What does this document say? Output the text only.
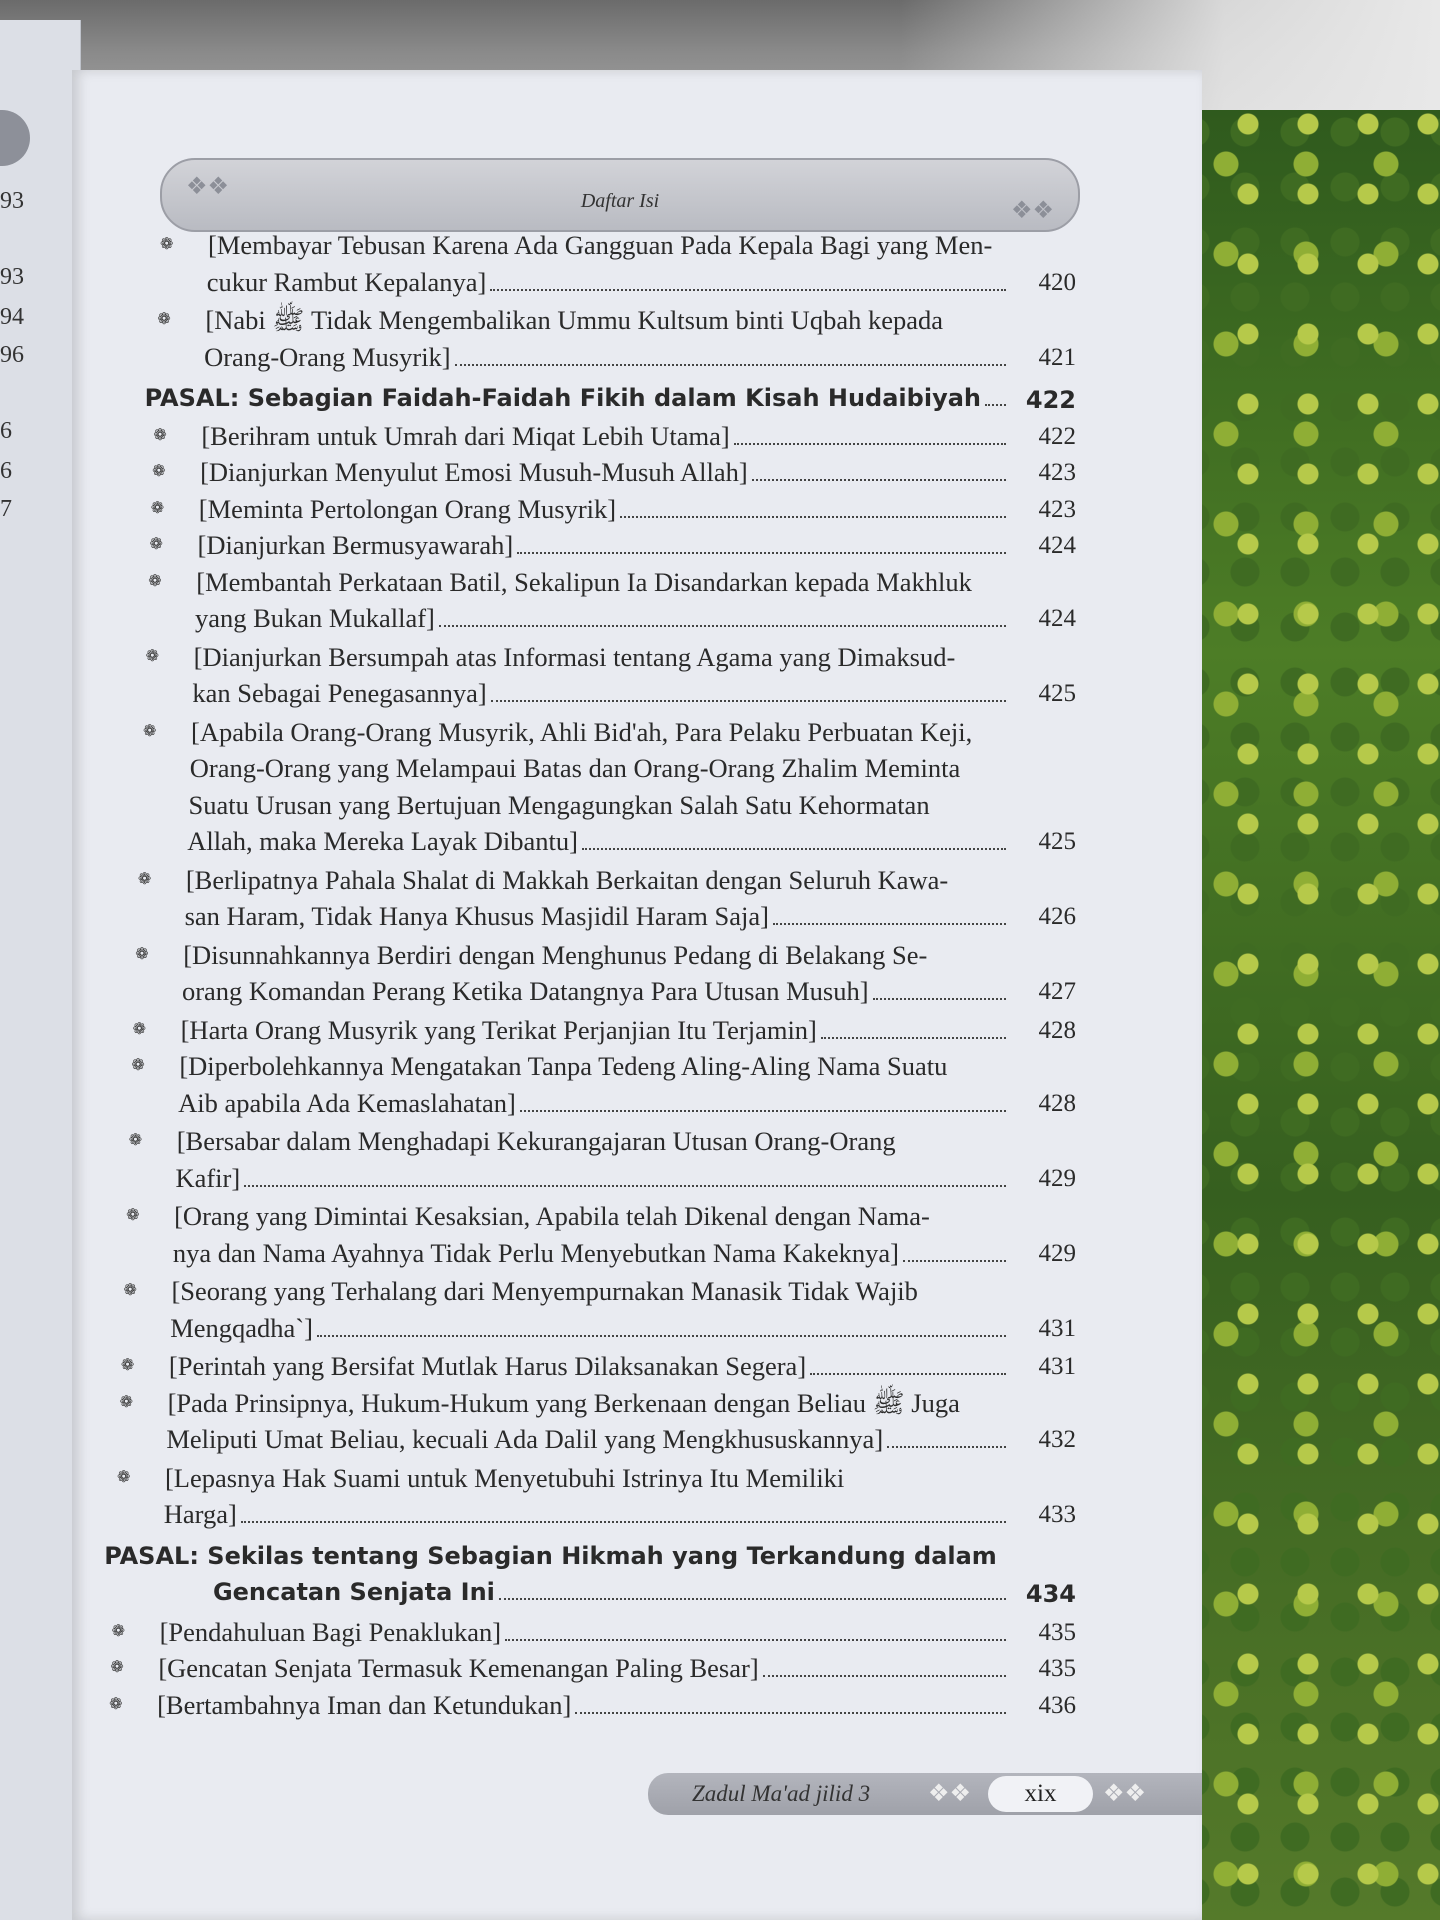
93
93
94
96
6
6
7
❖❖
Daftar Isi	❖❖
❁ [Membayar Tebusan Karena Ada Gangguan Pada Kepala Bagi yang Men-
cukur Rambut Kepalanya]	420
❁ [Nabi ﷺ Tidak Mengembalikan Ummu Kultsum binti Uqbah kepada
Orang-Orang Musyrik]	421
PASAL: Sebagian Faidah-Faidah Fikih dalam Kisah Hudaibiyah	422
❁ [Berihram untuk Umrah dari Miqat Lebih Utama]	422
❁ [Dianjurkan Menyulut Emosi Musuh-Musuh Allah]	423
❁ [Meminta Pertolongan Orang Musyrik]	423
❁ [Dianjurkan Bermusyawarah]	424
❁ [Membantah Perkataan Batil, Sekalipun Ia Disandarkan kepada Makhluk
yang Bukan Mukallaf]	424
❁ [Dianjurkan Bersumpah atas Informasi tentang Agama yang Dimaksud-
kan Sebagai Penegasannya]	425
❁ [Apabila Orang-Orang Musyrik, Ahli Bid'ah, Para Pelaku Perbuatan Keji,
Orang-Orang yang Melampaui Batas dan Orang-Orang Zhalim Meminta
Suatu Urusan yang Bertujuan Mengagungkan Salah Satu Kehormatan
Allah, maka Mereka Layak Dibantu]	425
❁ [Berlipatnya Pahala Shalat di Makkah Berkaitan dengan Seluruh Kawa-
san Haram, Tidak Hanya Khusus Masjidil Haram Saja]	426
❁ [Disunnahkannya Berdiri dengan Menghunus Pedang di Belakang Se-
orang Komandan Perang Ketika Datangnya Para Utusan Musuh]	427
❁ [Harta Orang Musyrik yang Terikat Perjanjian Itu Terjamin]	428
❁ [Diperbolehkannya Mengatakan Tanpa Tedeng Aling-Aling Nama Suatu
Aib apabila Ada Kemaslahatan]	428
❁ [Bersabar dalam Menghadapi Kekurangajaran Utusan Orang-Orang
Kafir]	429
❁ [Orang yang Dimintai Kesaksian, Apabila telah Dikenal dengan Nama-
nya dan Nama Ayahnya Tidak Perlu Menyebutkan Nama Kakeknya]	429
❁ [Seorang yang Terhalang dari Menyempurnakan Manasik Tidak Wajib
Mengqadha`]	431
❁ [Perintah yang Bersifat Mutlak Harus Dilaksanakan Segera]	431
❁ [Pada Prinsipnya, Hukum-Hukum yang Berkenaan dengan Beliau ﷺ Juga
Meliputi Umat Beliau, kecuali Ada Dalil yang Mengkhususkannya]	432
❁ [Lepasnya Hak Suami untuk Menyetubuhi Istrinya Itu Memiliki
Harga]	433
PASAL: Sekilas tentang Sebagian Hikmah yang Terkandung dalam
Gencatan Senjata Ini	434
❁ [Pendahuluan Bagi Penaklukan]	435
❁ [Gencatan Senjata Termasuk Kemenangan Paling Besar]	435
❁ [Bertambahnya Iman dan Ketundukan]	436
Zadul Ma'ad jilid 3 ❖❖	xix	❖❖
